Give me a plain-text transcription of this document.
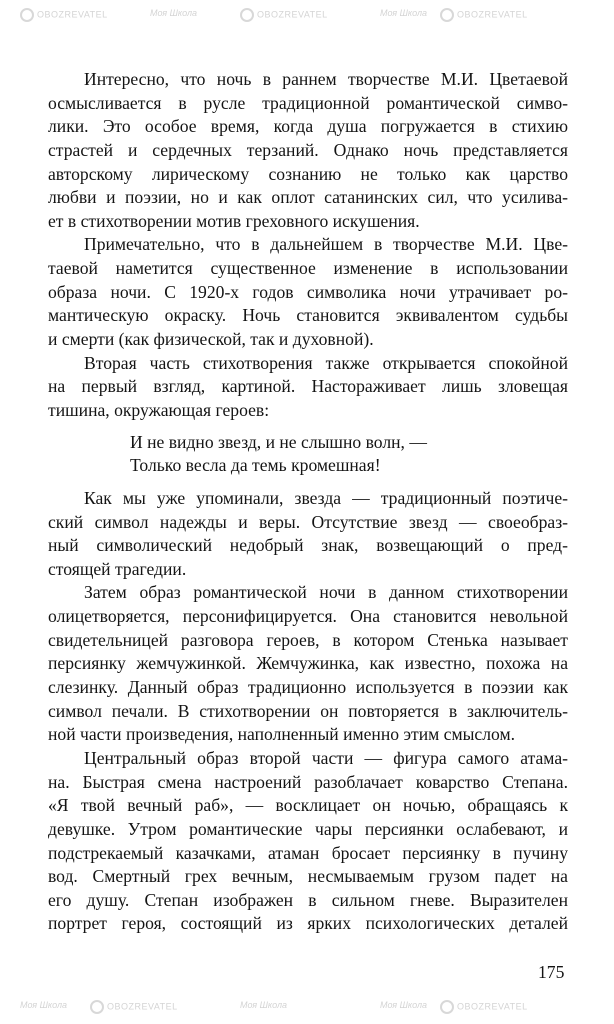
OBOZREVATEL	Моя Школа	OBOZREVATEL	Моя Школа	OBOZREVATEL
Моя Школа	OBOZREVATEL	Моя Школа	Моя Школа	OBOZREVATEL
Интересно, что ночь в раннем творчестве М.И. Цветаевой
осмысливается в русле традиционной романтической симво-
лики. Это особое время, когда душа погружается в стихию
страстей и сердечных терзаний. Однако ночь представляется
авторскому лирическому сознанию не только как царство
любви и поэзии, но и как оплот сатанинских сил, что усилива-
ет в стихотворении мотив греховного искушения.
Примечательно, что в дальнейшем в творчестве М.И. Цве-
таевой наметится существенное изменение в использовании
образа ночи. С 1920-х годов символика ночи утрачивает ро-
мантическую окраску. Ночь становится эквивалентом судьбы
и смерти (как физической, так и духовной).
Вторая часть стихотворения также открывается спокойной
на первый взгляд, картиной. Настораживает лишь зловещая
тишина, окружающая героев:
И не видно звезд, и не слышно волн, —
Только весла да темь кромешная!
Как мы уже упоминали, звезда — традиционный поэтиче-
ский символ надежды и веры. Отсутствие звезд — своеобраз-
ный символический недобрый знак, возвещающий о пред-
стоящей трагедии.
Затем образ романтической ночи в данном стихотворении
олицетворяется, персонифицируется. Она становится невольной
свидетельницей разговора героев, в котором Стенька называет
персиянку жемчужинкой. Жемчужинка, как известно, похожа на
слезинку. Данный образ традиционно используется в поэзии как
символ печали. В стихотворении он повторяется в заключитель-
ной части произведения, наполненный именно этим смыслом.
Центральный образ второй части — фигура самого атама-
на. Быстрая смена настроений разоблачает коварство Степана.
«Я твой вечный раб», — восклицает он ночью, обращаясь к
девушке. Утром романтические чары персиянки ослабевают, и
подстрекаемый казачками, атаман бросает персиянку в пучину
вод. Смертный грех вечным, несмываемым грузом падет на
его душу. Степан изображен в сильном гневе. Выразителен
портрет героя, состоящий из ярких психологических деталей
175
